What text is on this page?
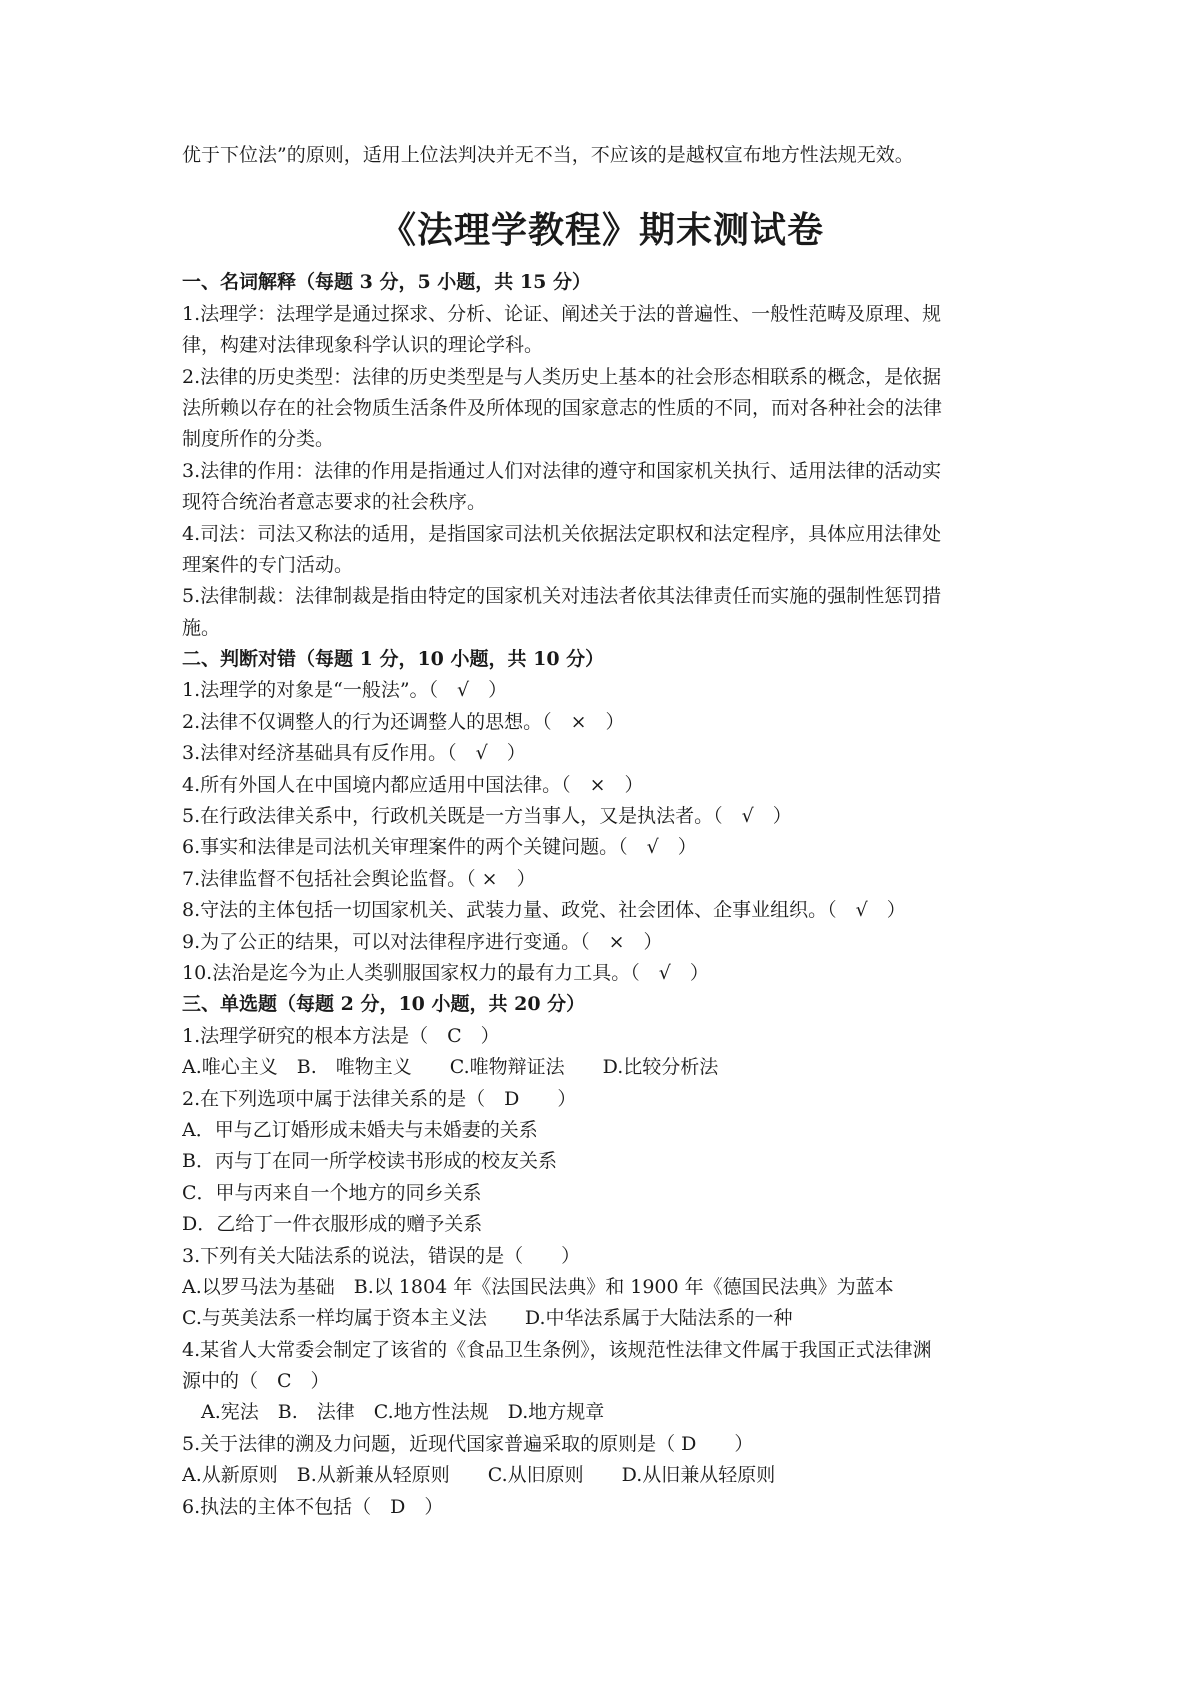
优于下位法”的原则，适用上位法判决并无不当，不应该的是越权宣布地方性法规无效。
《法理学教程》期末测试卷
一、名词解释（每题 3 分，5 小题，共 15 分）
1.法理学：法理学是通过探求、分析、论证、阐述关于法的普遍性、一般性范畴及原理、规
律，构建对法律现象科学认识的理论学科。
2.法律的历史类型：法律的历史类型是与人类历史上基本的社会形态相联系的概念，是依据
法所赖以存在的社会物质生活条件及所体现的国家意志的性质的不同，而对各种社会的法律
制度所作的分类。
3.法律的作用：法律的作用是指通过人们对法律的遵守和国家机关执行、适用法律的活动实
现符合统治者意志要求的社会秩序。
4.司法：司法又称法的适用，是指国家司法机关依据法定职权和法定程序，具体应用法律处
理案件的专门活动。
5.法律制裁：法律制裁是指由特定的国家机关对违法者依其法律责任而实施的强制性惩罚措
施。
二、判断对错（每题 1 分，10 小题，共 10 分）
1.法理学的对象是“一般法”。（　√　）
2.法律不仅调整人的行为还调整人的思想。（　×　）
3.法律对经济基础具有反作用。（　√　）
4.所有外国人在中国境内都应适用中国法律。（　×　）
5.在行政法律关系中，行政机关既是一方当事人，又是执法者。（　√　）
6.事实和法律是司法机关审理案件的两个关键问题。（　√　）
7.法律监督不包括社会舆论监督。（ ×　）
8.守法的主体包括一切国家机关、武装力量、政党、社会团体、企事业组织。（　√　）
9.为了公正的结果，可以对法律程序进行变通。（　×　）
10.法治是迄今为止人类驯服国家权力的最有力工具。（　√　）
三、单选题（每题 2 分，10 小题，共 20 分）
1.法理学研究的根本方法是（　C　）
A.唯心主义　B.　唯物主义　　C.唯物辩证法　　D.比较分析法
2.在下列选项中属于法律关系的是（　D　　）
A．甲与乙订婚形成未婚夫与未婚妻的关系
B．丙与丁在同一所学校读书形成的校友关系
C．甲与丙来自一个地方的同乡关系
D．乙给丁一件衣服形成的赠予关系
3.下列有关大陆法系的说法，错误的是（　　）
A.以罗马法为基础　B.以 1804 年《法国民法典》和 1900 年《德国民法典》为蓝本
C.与英美法系一样均属于资本主义法　　D.中华法系属于大陆法系的一种
4.某省人大常委会制定了该省的《食品卫生条例》，该规范性法律文件属于我国正式法律渊
源中的（　C　）
　A.宪法　B.　法律　C.地方性法规　D.地方规章
5.关于法律的溯及力问题，近现代国家普遍采取的原则是（ D　　）
A.从新原则　B.从新兼从轻原则　　C.从旧原则　　D.从旧兼从轻原则
6.执法的主体不包括（　D　）
